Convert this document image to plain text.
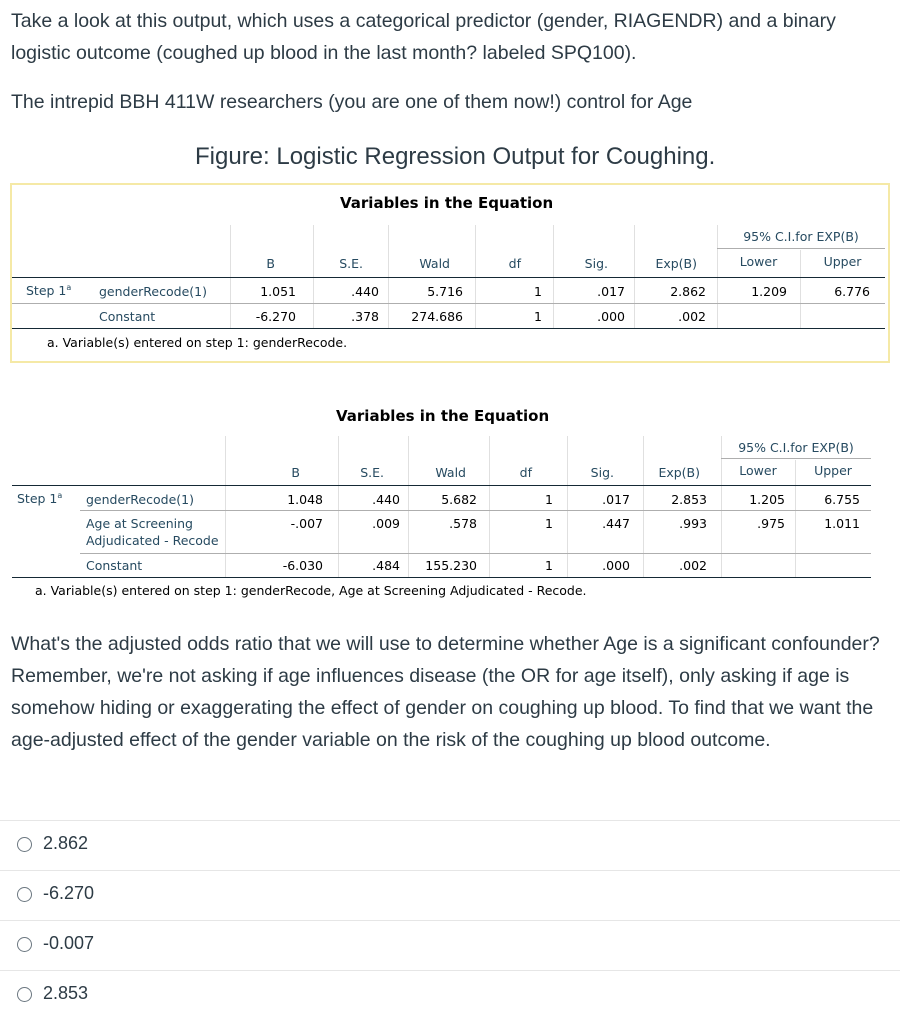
Take a look at this output, which uses a categorical predictor (gender, RIAGENDR) and a binary logistic outcome (coughed up blood in the last month? labeled SPQ100).

The intrepid BBH 411W researchers (you are one of them now!) control for Age

Figure: Logistic Regression Output for Coughing.
Variables in the Equation
95% C.I.for EXP(B)
B	S.E.	Wald	df	Sig.	Exp(B)	Lower	Upper
Step 1$^a$ genderRecode(1)	1.051	.440	5.716	1	.017	2.862	1.209	6.776
Constant	-6.270	.378	274.686	1	.000	.002
a. Variable(s) entered on step 1: genderRecode.
Variables in the Equation
95% C.I.for EXP(B)
B	S.E.	Wald	df	Sig.	Exp(B)	Lower	Upper
Step 1$^a$ genderRecode(1)	1.048	.440	5.682	1	.017	2.853	1.205	6.755
Age at Screening
Adjudicated - Recode
-.007	.009	.578	1	.447	.993	.975	1.011
Constant	-6.030	.484	155.230	1	.000	.002
a. Variable(s) entered on step 1: genderRecode, Age at Screening Adjudicated - Recode.

What's the adjusted odds ratio that we will use to determine whether Age is a significant confounder? Remember, we're not asking if age influences disease (the OR for age itself), only asking if age is somehow hiding or exaggerating the effect of gender on coughing up blood. To find that we want the age-adjusted effect of the gender variable on the risk of the coughing up blood outcome.

2.862
-6.270
-0.007
2.853
